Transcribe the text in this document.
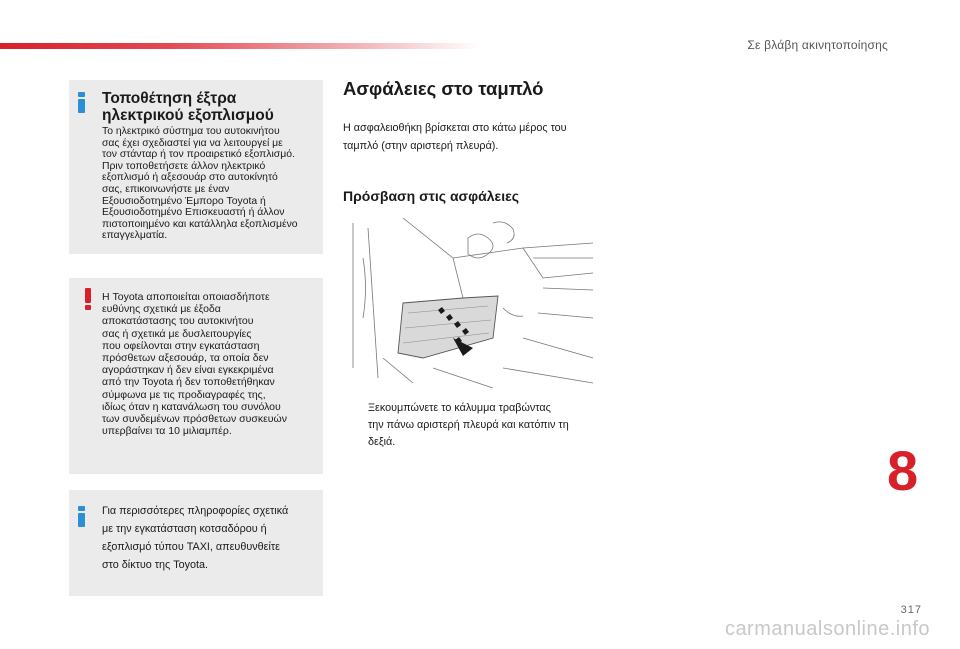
Σε βλάβη ακινητοποίησης
Τοποθέτηση έξτρα ηλεκτρικού εξοπλισμού
Το ηλεκτρικό σύστημα του αυτοκινήτου
σας έχει σχεδιαστεί για να λειτουργεί με
τον στάνταρ ή τον προαιρετικό εξοπλισμό.
Πριν τοποθετήσετε άλλον ηλεκτρικό
εξοπλισμό ή αξεσουάρ στο αυτοκίνητό
σας, επικοινωνήστε με έναν
Εξουσιοδοτημένο Έμπορο Toyota ή
Εξουσιοδοτημένο Επισκευαστή ή άλλον
πιστοποιημένο και κατάλληλα εξοπλισμένο
επαγγελματία.
Η Toyota αποποιείται οποιασδήποτε
ευθύνης σχετικά με έξοδα
αποκατάστασης του αυτοκινήτου
σας ή σχετικά με δυσλειτουργίες
που οφείλονται στην εγκατάσταση
πρόσθετων αξεσουάρ, τα οποία δεν
αγοράστηκαν ή δεν είναι εγκεκριμένα
από την Toyota ή δεν τοποθετήθηκαν
σύμφωνα με τις προδιαγραφές της,
ιδίως όταν η κατανάλωση του συνόλου
των συνδεμένων πρόσθετων συσκευών
υπερβαίνει τα 10 μιλιαμπέρ.
Για περισσότερες πληροφορίες σχετικά
με την εγκατάσταση κοτσαδόρου ή
εξοπλισμό τύπου TAXI, απευθυνθείτε
στο δίκτυο της Toyota.
Ασφάλειες στο ταμπλό
Η ασφαλειοθήκη βρίσκεται στο κάτω μέρος του
ταμπλό (στην αριστερή πλευρά).
Πρόσβαση στις ασφάλειες
Ξεκουμπώνετε το κάλυμμα τραβώντας
την πάνω αριστερή πλευρά και κατόπιν τη
δεξιά.	8
317
carmanualsonline.info
